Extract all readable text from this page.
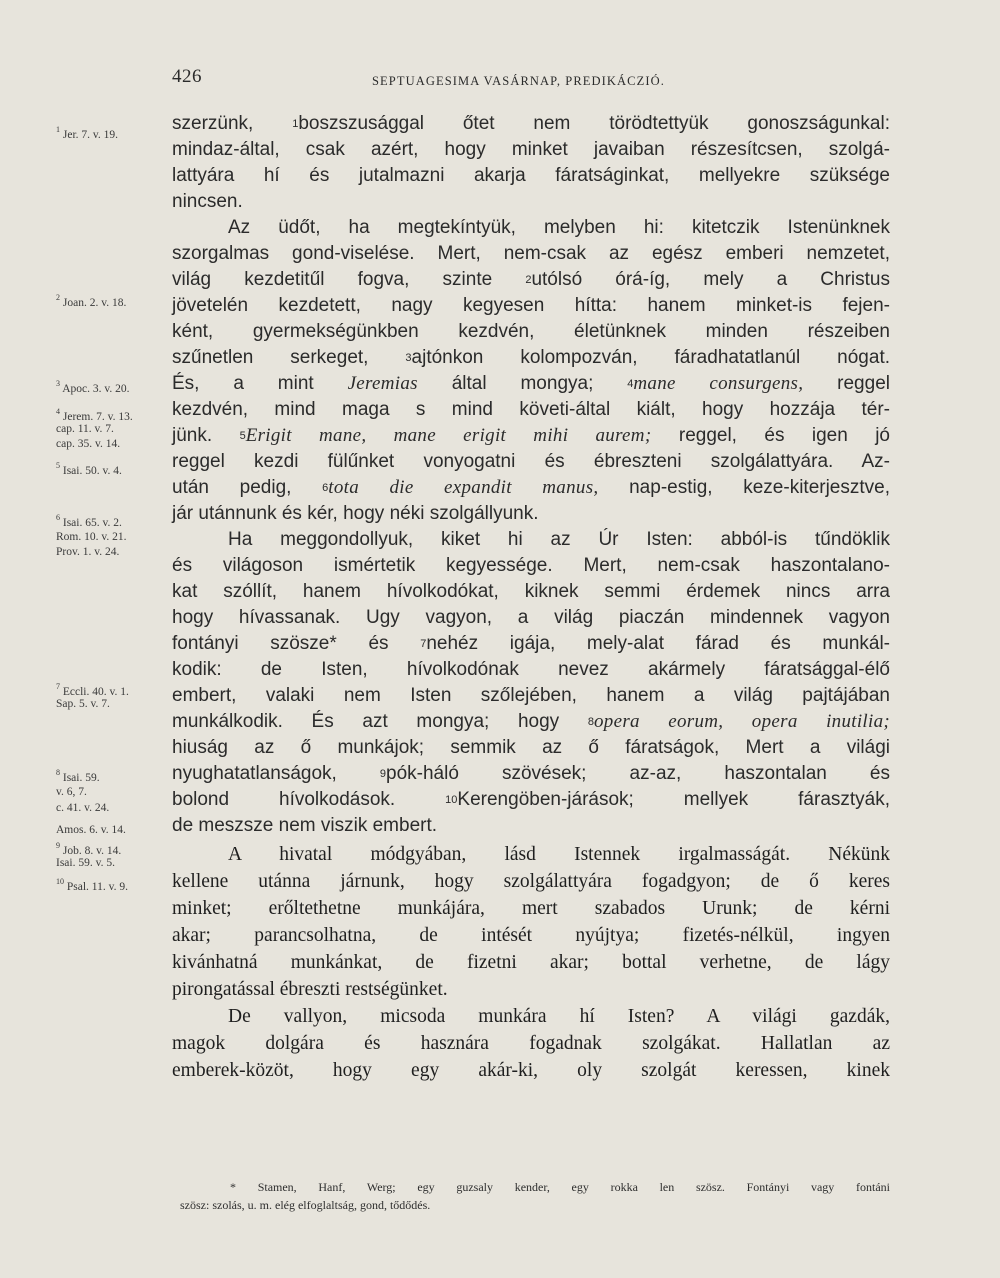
426	SEPTUAGESIMA VASÁRNAP, PREDIKÁCZIÓ.
szerzünk, $^1$boszszusággal őtet nem törödtettyük gonoszságunkal:
mindaz-által, csak azért, hogy minket javaiban részesítcsen, szolgá-
lattyára hí és jutalmazni akarja fáratságinkat, mellyekre szüksége
nincsen.
Az üdőt, ha megtekíntyük, melyben hi: kitetczik Istenünknek
szorgalmas gond-viselése. Mert, nem-csak az egész emberi nemzetet,
világ kezdetitűl fogva, szinte $^2$utólsó órá-íg, mely a Christus
jövetelén kezdetett, nagy kegyesen hítta: hanem minket-is fejen-
ként, gyermekségünkben kezdvén, életünknek minden részeiben
szűnetlen serkeget, $^3$ajtónkon kolompozván, fáradhatatlanúl nógat.
És, a mint Jeremias által mongya; $^4$mane consurgens, reggel
kezdvén, mind maga s mind követi-által kiált, hogy hozzája tér-
jünk. $^5$Erigit mane, mane erigit mihi aurem; reggel, és igen jó
reggel kezdi fülűnket vonyogatni és ébreszteni szolgálattyára. Az-
után pedig, $^6$tota die expandit manus, nap-estig, keze-kiterjesztve,
jár utánnunk és kér, hogy néki szolgállyunk.
Ha meggondollyuk, kiket hi az Úr Isten: abból-is tűndöklik
és világoson ismértetik kegyessége. Mert, nem-csak haszontalano-
kat szóllít, hanem hívolkodókat, kiknek semmi érdemek nincs arra
hogy hívassanak. Ugy vagyon, a világ piaczán mindennek vagyon
fontányi szösze* és $^7$nehéz igája, mely-alat fárad és munkál-
kodik: de Isten, hívolkodónak nevez akármely fáratsággal-élő
embert, valaki nem Isten szőlejében, hanem a világ pajtájában
munkálkodik. És azt mongya; hogy $^8$opera eorum, opera inutilia;
hiuság az ő munkájok; semmik az ő fáratságok, Mert a világi
nyughatatlanságok, $^9$pók-háló szövések; az-az, haszontalan és
bolond hívolkodások. $^{10}$Kerengöben-járások; mellyek fárasztyák,
de meszsze nem viszik embert.
A hivatal módgyában, lásd Istennek irgalmasságát. Nékünk
kellene utánna járnunk, hogy szolgálattyára fogadgyon; de ő keres
minket; erőltethetne munkájára, mert szabados Urunk; de kérni
akar; parancsolhatna, de intését nyújtya; fizetés-nélkül, ingyen
kivánhatná munkánkat, de fizetni akar; bottal verhetne, de lágy
pirongatással ébreszti restségünket.
De vallyon, micsoda munkára hí Isten? A világi gazdák,
magok dolgára és hasznára fogadnak szolgákat. Hallatlan az
emberek-közöt, hogy egy akár-ki, oly szolgát keressen, kinek
$^1$ Jer. 7. v. 19.
$^2$ Joan. 2. v. 18.
$^3$ Apoc. 3. v. 20.
$^4$ Jerem. 7. v. 13.
cap. 11. v. 7.
cap. 35. v. 14.
$^5$ Isai. 50. v. 4.
$^6$ Isai. 65. v. 2.
Rom. 10. v. 21.
Prov. 1. v. 24.
$^7$ Eccli. 40. v. 1.
Sap. 5. v. 7.
$^8$ Isai. 59.
v. 6, 7.
c. 41. v. 24.
Amos. 6. v. 14.
$^9$ Job. 8. v. 14.
Isai. 59. v. 5.
$^{10}$ Psal. 11. v. 9.
* Stamen, Hanf, Werg; egy guzsaly kender, egy rokka len szösz. Fontányi vagy fontáni
szösz: szolás, u. m. elég elfoglaltság, gond, tődődés.
